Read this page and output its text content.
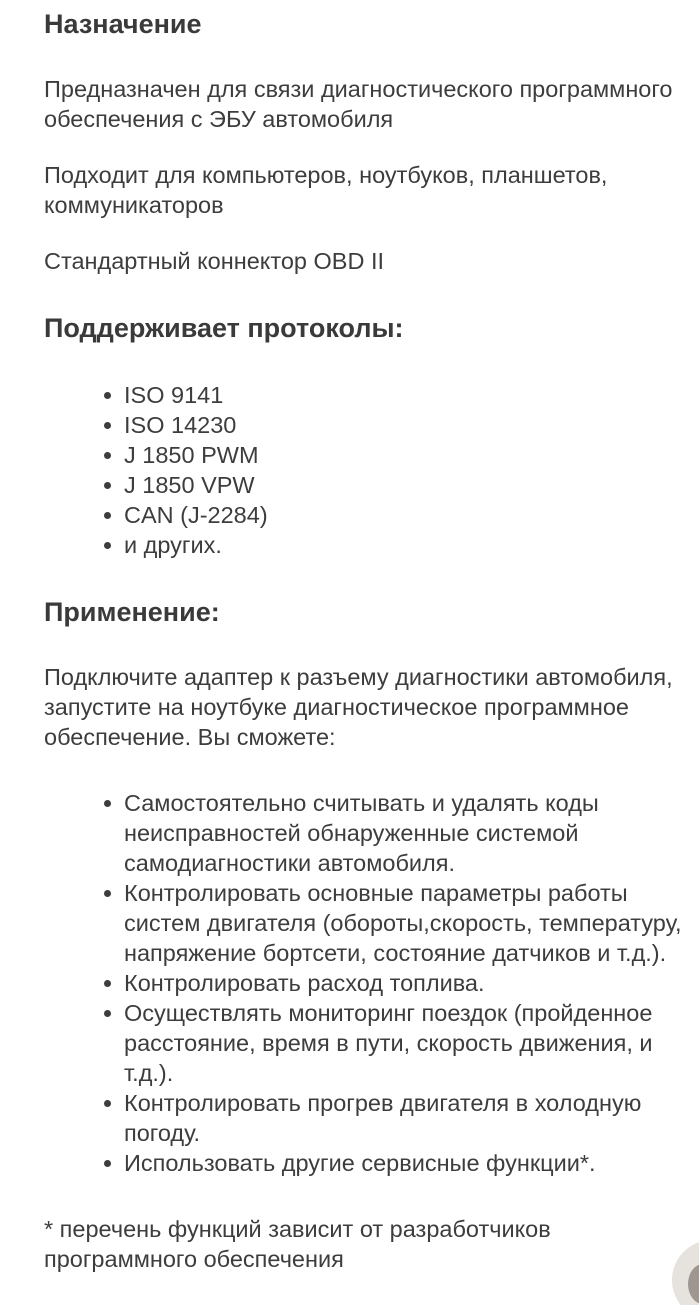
Назначение

Предназначен для связи диагностического программного обеспечения с ЭБУ автомобиля

Подходит для компьютеров, ноутбуков, планшетов, коммуникаторов

Стандартный коннектор OBD II

Поддерживает протоколы:
ISO 9141
ISO 14230
J 1850 PWM
J 1850 VPW
CAN (J-2284)
и других.
Применение:

Подключите адаптер к разъему диагностики автомобиля, запустите на ноутбуке диагностическое программное обеспечение. Вы сможете:

Самостоятельно считывать и удалять коды неисправностей обнаруженные системой самодиагностики автомобиля.
Контролировать основные параметры работы систем двигателя (обороты,скорость, температуру, напряжение бортсети, состояние датчиков и т.д.).
Контролировать расход топлива.
Осуществлять мониторинг поездок (пройденное расстояние, время в пути, скорость движения, и т.д.).
Контролировать прогрев двигателя в холодную погоду.
Использовать другие сервисные функции*.

* перечень функций зависит от разработчиков программного обеспечения
